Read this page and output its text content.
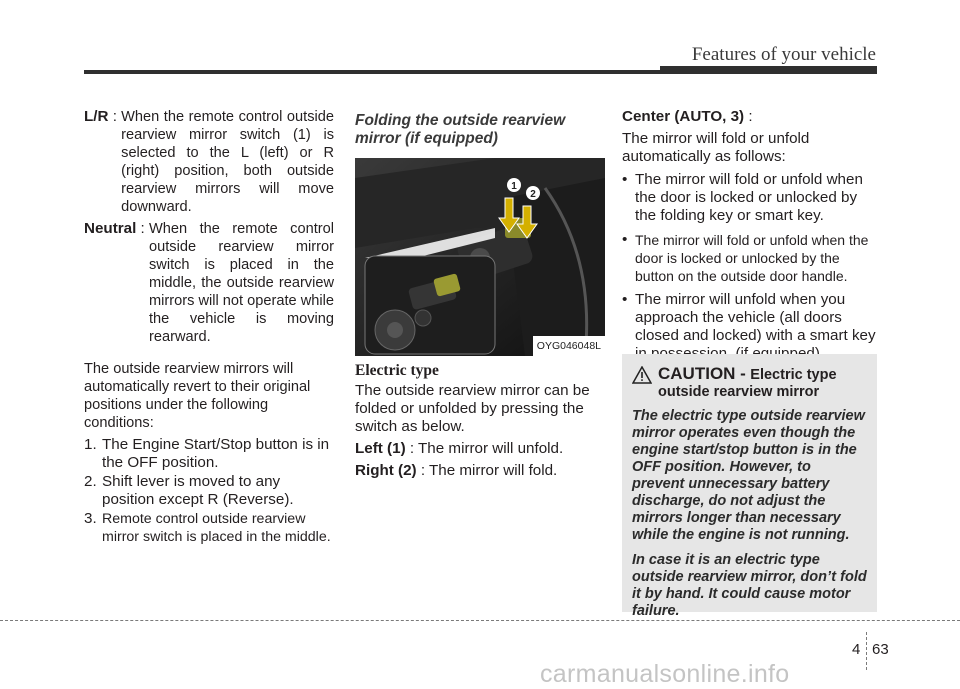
Features of your vehicle
L/R : When the remote control outside rearview mirror switch (1) is selected to the L (left) or R (right) position, both outside rearview mirrors will move downward.
Neutral : When the remote control outside rearview mirror switch is placed in the middle, the outside rearview mirrors will not operate while the vehicle is moving rearward.

The outside rearview mirrors will automatically revert to their original positions under the following conditions:

1. The Engine Start/Stop button is in the OFF position.
2. Shift lever is moved to any position except R (Reverse).
3. Remote control outside rearview mirror switch is placed in the middle.
Folding the outside rearview mirror (if equipped)
1
2
OYG046048L
Electric type

The outside rearview mirror can be folded or unfolded by pressing the switch as below.

Left (1) : The mirror will unfold.

Right (2) : The mirror will fold.

Center (AUTO, 3) :

The mirror will fold or unfold automatically as follows:

• The mirror will fold or unfold when the door is locked or unlocked by the folding key or smart key.
• The mirror will fold or unfold when the door is locked or unlocked by the button on the outside door handle.
• The mirror will unfold when you approach the vehicle (all doors closed and locked) with a smart key
CAUTION - Electric type
outside rearview mirror

The electric type outside rearview mirror operates even though the engine start/stop button is in the OFF position. However, to prevent unnecessary battery discharge, do not adjust the mirrors longer than necessary while the engine is not running.

In case it is an electric type outside rearview mirror, don’t fold it by hand. It could cause motor failure.

4 63
carmanualsonline.info
